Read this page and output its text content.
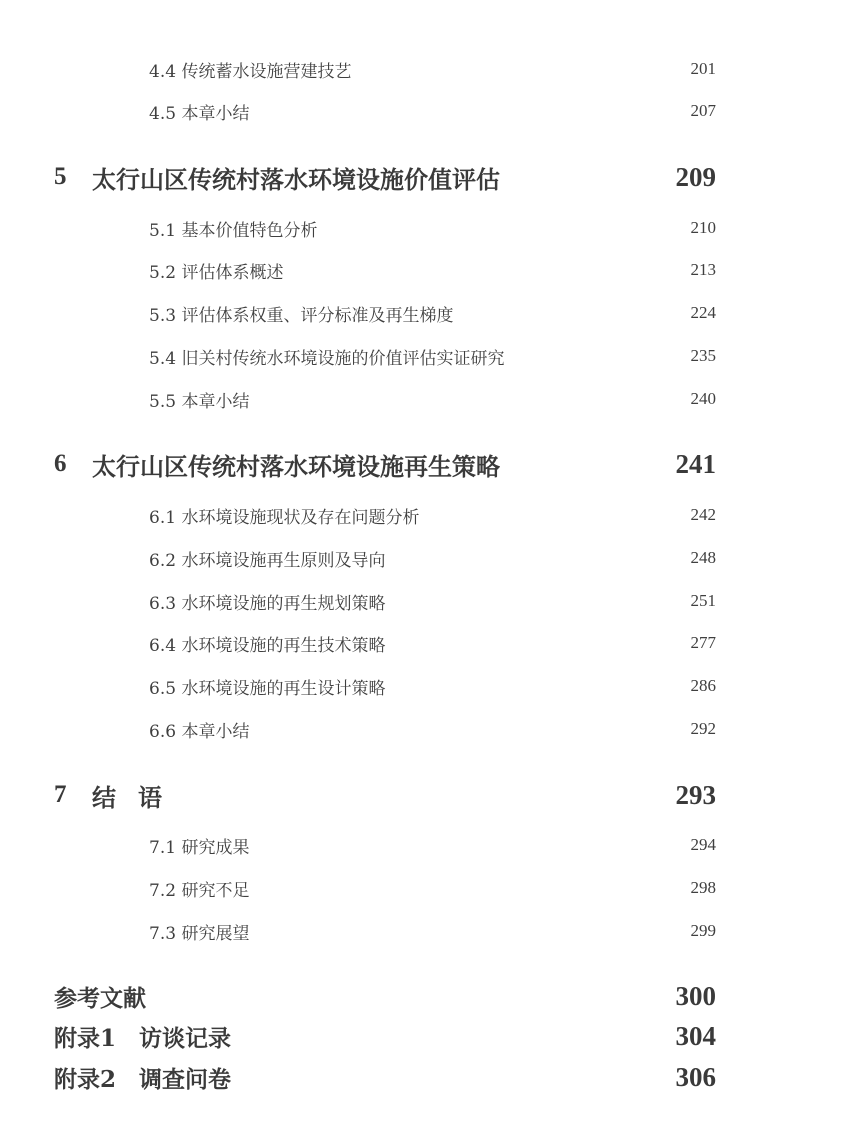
4.4 传统蓄水设施营建技艺	201
4.5 本章小结	207
5 太行山区传统村落水环境设施价值评估	209
5.1 基本价值特色分析	210
5.2 评估体系概述	213
5.3 评估体系权重、评分标准及再生梯度	224
5.4 旧关村传统水环境设施的价值评估实证研究	235
5.5 本章小结	240
6 太行山区传统村落水环境设施再生策略	241
6.1 水环境设施现状及存在问题分析	242
6.2 水环境设施再生原则及导向	248
6.3 水环境设施的再生规划策略	251
6.4 水环境设施的再生技术策略	277
6.5 水环境设施的再生设计策略	286
6.6 本章小结	292
7 结语	293
7.1 研究成果	294
7.2 研究不足	298
7.3 研究展望	299
参考文献	300
附录1　访谈记录	304
附录2　调查问卷	306
